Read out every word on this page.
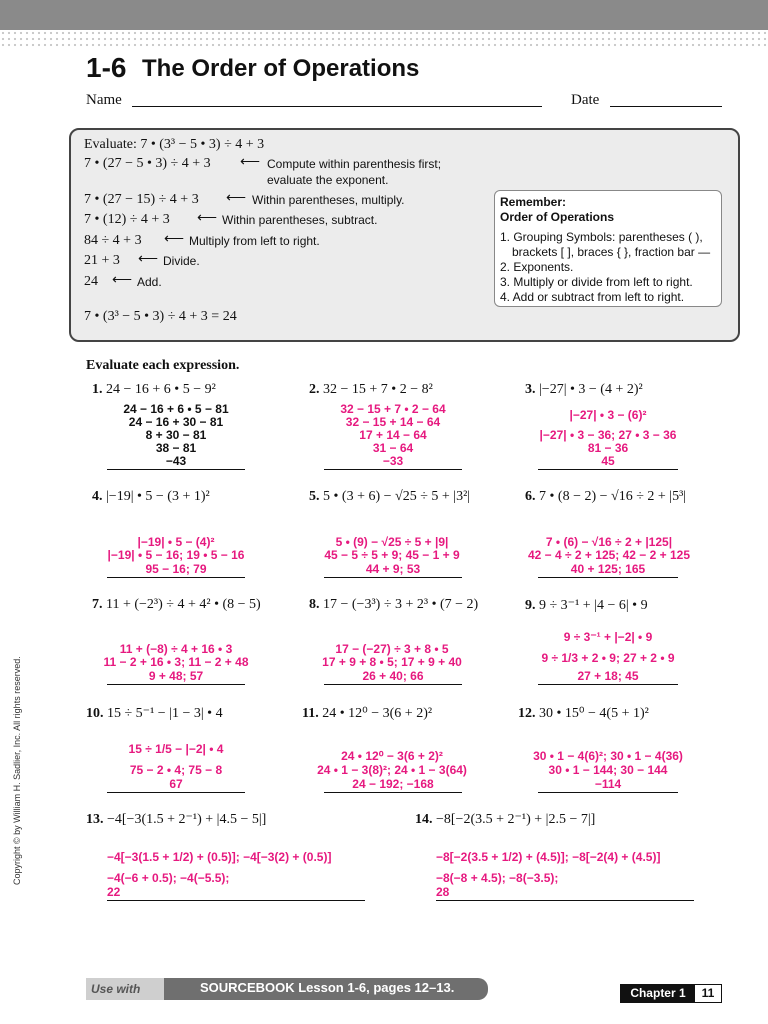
1-6 The Order of Operations
Name	Date
Evaluate: 7 • (3³ − 5 • 3) ÷ 4 + 3
7 • (27 − 5 • 3) ÷ 4 + 3 ⟵ Compute within parenthesis first;
evaluate the exponent.
7 • (27 − 15) ÷ 4 + 3 ⟵ Within parentheses, multiply.
7 • (12) ÷ 4 + 3 ⟵ Within parentheses, subtract.
84 ÷ 4 + 3 ⟵ Multiply from left to right.
21 + 3 ⟵ Divide.
24 ⟵ Add.
7 • (3³ − 5 • 3) ÷ 4 + 3 = 24
Remember:
Order of Operations
1. Grouping Symbols: parentheses ( ),
brackets [ ], braces { }, fraction bar —
2. Exponents.
3. Multiply or divide from left to right.
4. Add or subtract from left to right.
Evaluate each expression.
1. 24 − 16 + 6 • 5 − 9²
24 − 16 + 6 • 5 − 81
24 − 16 + 30 − 81
8 + 30 − 81
38 − 81
−43
2. 32 − 15 + 7 • 2 − 8²
32 − 15 + 7 • 2 − 64
32 − 15 + 14 − 64
17 + 14 − 64
31 − 64
−33
3. |−27| • 3 − (4 + 2)²
|−27| • 3 − (6)²
|−27| • 3 − 36; 27 • 3 − 36
81 − 36
45
4. |−19| • 5 − (3 + 1)²
|−19| • 5 − (4)²
|−19| • 5 − 16; 19 • 5 − 16
95 − 16; 79
5. 5 • (3 + 6) − √25 ÷ 5 + |3²|
5 • (9) − √25 ÷ 5 + |9|
45 − 5 ÷ 5 + 9; 45 − 1 + 9
44 + 9; 53
6. 7 • (8 − 2) − √16 ÷ 2 + |5³|
7 • (6) − √16 ÷ 2 + |125|
42 − 4 ÷ 2 + 125; 42 − 2 + 125
40 + 125; 165
7. 11 + (−2³) ÷ 4 + 4² • (8 − 5)
11 + (−8) ÷ 4 + 16 • 3
11 − 2 + 16 • 3; 11 − 2 + 48
9 + 48; 57
8. 17 − (−3³) ÷ 3 + 2³ • (7 − 2)
17 − (−27) ÷ 3 + 8 • 5
17 + 9 + 8 • 5; 17 + 9 + 40
26 + 40; 66
9. 9 ÷ 3⁻¹ + |4 − 6| • 9
9 ÷ 3⁻¹ + |−2| • 9
9 ÷ 1/3 + 2 • 9; 27 + 2 • 9
27 + 18; 45
10. 15 ÷ 5⁻¹ − |1 − 3| • 4
15 ÷ 1/5 − |−2| • 4
75 − 2 • 4; 75 − 8
67
11. 24 • 12⁰ − 3(6 + 2)²
24 • 12⁰ − 3(6 + 2)²
24 • 1 − 3(8)²; 24 • 1 − 3(64)
24 − 192; −168
12. 30 • 15⁰ − 4(5 + 1)²
30 • 1 − 4(6)²; 30 • 1 − 4(36)
30 • 1 − 144; 30 − 144
−114
13. −4[−3(1.5 + 2⁻¹) + |4.5 − 5|]
−4[−3(1.5 + 1/2) + (0.5)]; −4[−3(2) + (0.5)]
−4(−6 + 0.5); −4(−5.5);
22
14. −8[−2(3.5 + 2⁻¹) + |2.5 − 7|]
−8[−2(3.5 + 1/2) + (4.5)]; −8[−2(4) + (4.5)]
−8(−8 + 4.5); −8(−3.5);
28
Copyright © by William H. Sadlier, Inc. All rights reserved.
Use with	SOURCEBOOK Lesson 1-6, pages 12–13.	Chapter 1	11
